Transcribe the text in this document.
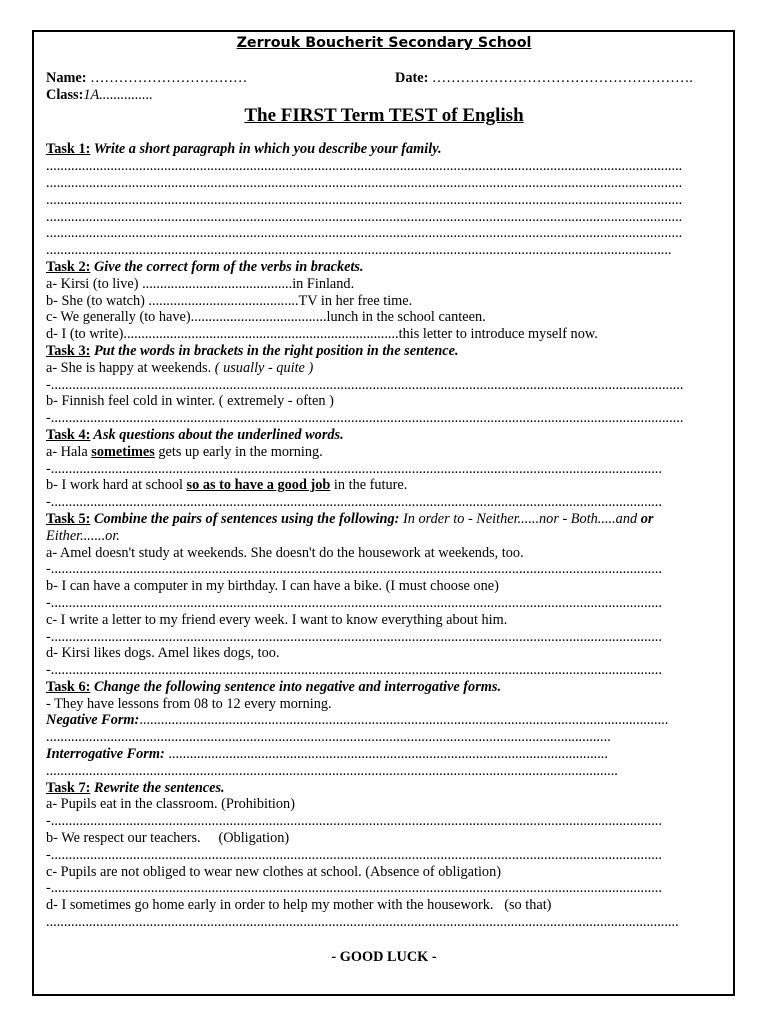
Zerrouk Boucherit Secondary School
Name: ……………………………	Date: ……………………………………………….
Class:1A...............
The FIRST Term TEST of English
Task 1: Write a short paragraph in which you describe your family.
..................................................................................................................................................................................
..................................................................................................................................................................................
..................................................................................................................................................................................
..................................................................................................................................................................................
..................................................................................................................................................................................
...............................................................................................................................................................................
Task 2: Give the correct form of the verbs in brackets.
a- Kirsi (to live) ..........................................in Finland.
b- She (to watch) ..........................................TV in her free time.
c- We generally (to have)......................................lunch in the school canteen.
d- I (to write).............................................................................this letter to introduce myself now.
Task 3: Put the words in brackets in the right position in the sentence.
a- She is happy at weekends. ( usually - quite )
-.................................................................................................................................................................................
b- Finnish feel cold in winter. ( extremely - often )
-.................................................................................................................................................................................
Task 4: Ask questions about the underlined words.
a- Hala sometimes gets up early in the morning.
-...........................................................................................................................................................................
b- I work hard at school so as to have a good job in the future.
-...........................................................................................................................................................................
Task 5: Combine the pairs of sentences using the following: In order to - Neither......nor - Both.....and or
Either.......or.
a- Amel doesn't study at weekends. She doesn't do the housework at weekends, too.
-...........................................................................................................................................................................
b- I can have a computer in my birthday. I can have a bike. (I must choose one)
-...........................................................................................................................................................................
c- I write a letter to my friend every week. I want to know everything about him.
-...........................................................................................................................................................................
d- Kirsi likes dogs. Amel likes dogs, too.
-...........................................................................................................................................................................
Task 6: Change the following sentence into negative and interrogative forms.
- They have lessons from 08 to 12 every morning.
Negative Form:....................................................................................................................................................
..............................................................................................................................................................
Interrogative Form: ...........................................................................................................................
................................................................................................................................................................
Task 7: Rewrite the sentences.
a- Pupils eat in the classroom. (Prohibition)
-...........................................................................................................................................................................
b- We respect our teachers.     (Obligation)
-...........................................................................................................................................................................
c- Pupils are not obliged to wear new clothes at school. (Absence of obligation)
-...........................................................................................................................................................................
d- I sometimes go home early in order to help my mother with the housework.   (so that)
.................................................................................................................................................................................
- GOOD LUCK -
